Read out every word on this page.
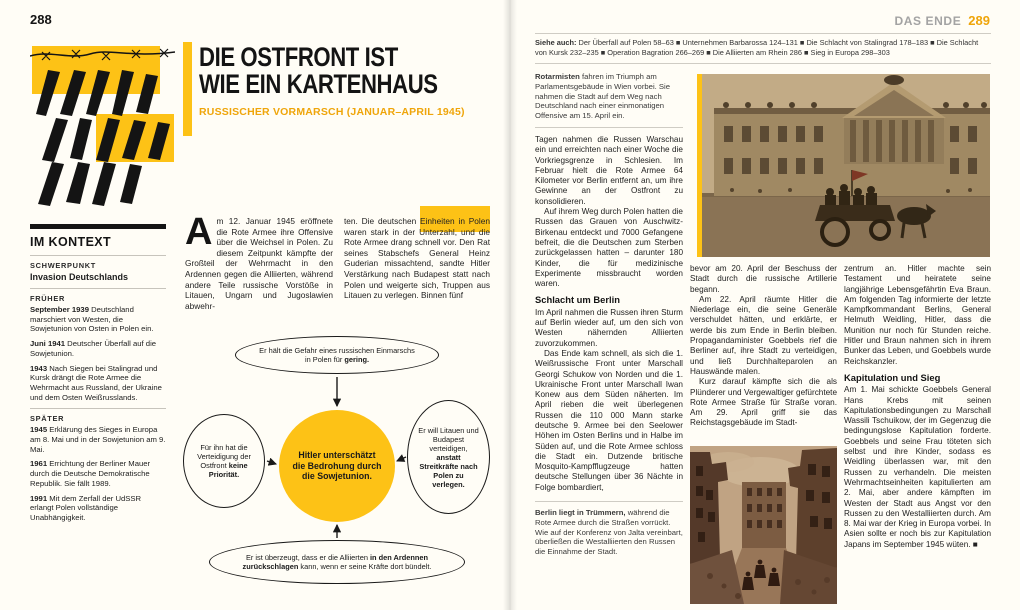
288
DIE OSTFRONT IST
WIE EIN KARTENHAUS
RUSSISCHER VORMARSCH (JANUAR–APRIL 1945)
IM KONTEXT
SCHWERPUNKT
Invasion Deutschlands
FRÜHER

September 1939 Deutschland marschiert von Westen, die Sowjetunion von Osten in Polen ein.

Juni 1941 Deutscher Überfall auf die Sowjetunion.

1943 Nach Siegen bei Stalingrad und Kursk drängt die Rote Armee die Wehrmacht aus Russland, der Ukraine und dem Osten Weißrusslands.

SPÄTER

1945 Erklärung des Sieges in Europa am 8. Mai und in der Sowjetunion am 9. Mai.

1961 Errichtung der Berliner Mauer durch die Deutsche Demokratische Republik. Sie fällt 1989.

1991 Mit dem Zerfall der UdSSR erlangt Polen vollständige Unabhängigkeit.

Am 12. Januar 1945 eröffnete die Rote Armee ihre Offensive über die Weichsel in Polen. Zu diesem Zeitpunkt kämpfte der Großteil der Wehrmacht in den Ardennen gegen die Alliierten, während andere Teile russische Vorstöße in Litauen, Ungarn und Jugoslawien abwehr-
ten. Die deutschen Einheiten in Polen waren stark in der Unterzahl, und die Rote Armee drang schnell vor. Den Rat seines Stabschefs General Heinz Guderian missachtend, sandte Hitler Verstärkung nach Budapest statt nach Polen und weigerte sich, Truppen aus Litauen zu verlegen. Binnen fünf
Er hält die Gefahr eines russischen Einmarschs in Polen für gering.
Für ihn hat die Verteidigung der Ostfront keine Priorität.
Hitler unterschätzt die Bedrohung durch die Sowjetunion.
Er will Litauen und Budapest verteidigen, anstatt Streitkräfte nach Polen zu verlegen.
Er ist überzeugt, dass er die Alliierten in den Ardennen zurückschlagen kann, wenn er seine Kräfte dort bündelt.
DAS ENDE 289
Siehe auch: Der Überfall auf Polen 58–63 ■ Unternehmen Barbarossa 124–131 ■ Die Schlacht von Stalingrad 178–183 ■ Die Schlacht von Kursk 232–235 ■ Operation Bagration 266–269 ■ Die Alliierten am Rhein 286 ■ Sieg in Europa 298–303

Rotarmisten fahren im Triumph am Parlamentsgebäude in Wien vorbei. Sie nahmen die Stadt auf dem Weg nach Deutschland nach einer einmonatigen Offensive am 15. April ein.

Tagen nahmen die Russen Warschau ein und erreichten nach einer Woche die Vorkriegsgrenze in Schlesien. Im Februar hielt die Rote Armee 64 Kilometer vor Berlin entfernt an, um ihre Gewinne an der Ostfront zu konsolidieren.

Auf ihrem Weg durch Polen hatten die Russen das Grauen von Auschwitz-Birkenau entdeckt und 7000 Gefangene befreit, die die Deutschen zum Sterben zurückgelassen hatten – darunter 180 Kinder, die für medizinische Experimente missbraucht worden waren.

Schlacht um Berlin

Im April nahmen die Russen ihren Sturm auf Berlin wieder auf, um den sich von Westen nähernden Alliierten zuvorzukommen.

Das Ende kam schnell, als sich die 1. Weißrussische Front unter Marschall Georgi Schukow von Norden und die 1. Ukrainische Front unter Marschall Iwan Konew aus dem Süden näherten. Im April rieben die weit überlegenen Russen die 110 000 Mann starke deutsche 9. Armee bei den Seelower Höhen im Osten Berlins und in Halbe im Süden auf, und die Rote Armee schloss die Stadt ein. Dutzende britische Mosquito-Kampfflugzeuge hatten deutsche Stellungen über 36 Nächte in Folge bombardiert,

Berlin liegt in Trümmern, während die Rote Armee durch die Straßen vorrückt. Wie auf der Konferenz von Jalta vereinbart, überließen die Westalliierten den Russen die Einnahme der Stadt.

bevor am 20. April der Beschuss der Stadt durch die russische Artillerie begann.

Am 22. April räumte Hitler die Niederlage ein, die seine Generäle verschuldet hätten, und erklärte, er werde bis zum Ende in Berlin bleiben. Propagandaminister Goebbels rief die Berliner auf, ihre Stadt zu verteidigen, und ließ Durchhalteparolen an Hauswände malen.

Kurz darauf kämpfte sich die als Plünderer und Vergewaltiger gefürchtete Rote Armee Straße für Straße voran. Am 29. April griff sie das Reichstagsgebäude im Stadt-

zentrum an. Hitler machte sein Testament und heiratete seine langjährige Lebensgefährtin Eva Braun. Am folgenden Tag informierte der letzte Kampfkommandant Berlins, General Helmuth Weidling, Hitler, dass die Munition nur noch für Stunden reiche. Hitler und Braun nahmen sich in ihrem Bunker das Leben, und Goebbels wurde Reichskanzler.

Kapitulation und Sieg

Am 1. Mai schickte Goebbels General Hans Krebs mit seinen Kapitulationsbedingungen zu Marschall Wassili Tschuikow, der im Gegenzug die bedingungslose Kapitulation forderte. Goebbels und seine Frau töteten sich selbst und ihre Kinder, sodass es Weidling überlassen war, mit den Russen zu verhandeln. Die meisten Wehrmachtseinheiten kapitulierten am 2. Mai, aber andere kämpften im Westen der Stadt aus Angst vor den Russen zu den Westalliierten durch. Am 8. Mai war der Krieg in Europa vorbei. In Asien sollte er noch bis zur Kapitulation Japans im September 1945 wüten. ■
